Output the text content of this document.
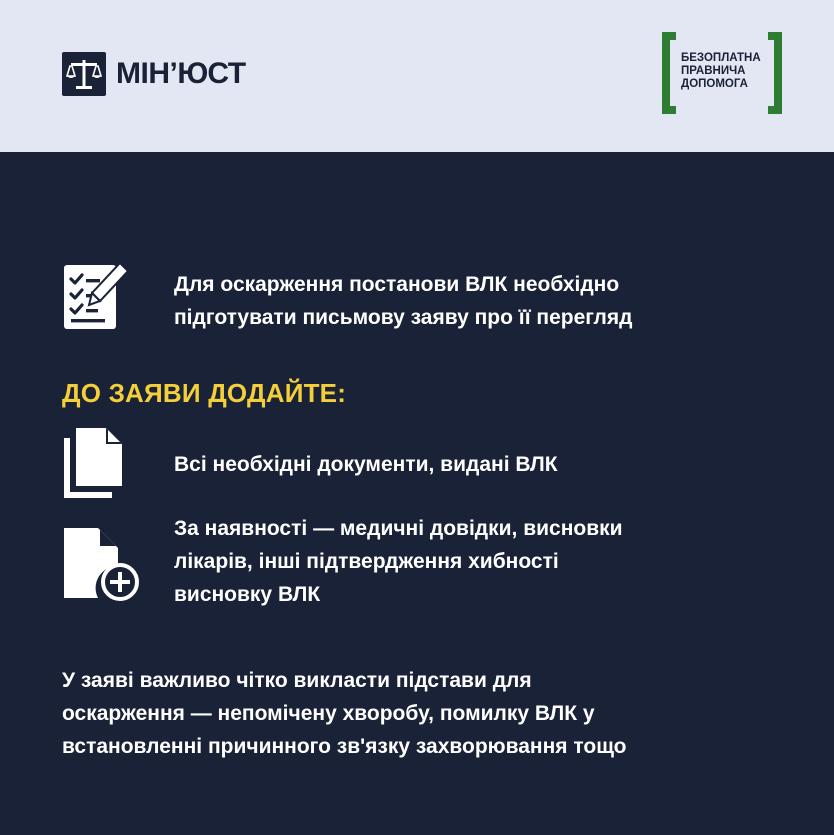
МІН’ЮСТ	БЕЗОПЛАТНА
ПРАВНИЧА
ДОПОМОГА
ДОКУМЕНТИ ДЛЯ
ДОСУДОВОГО ОСКАРЖЕННЯ
Для оскарження постанови ВЛК необхідно
підготувати письмову заяву про її перегляд
ДО ЗАЯВИ ДОДАЙТЕ:
Всі необхідні документи, видані ВЛК
За наявності — медичні довідки, висновки
лікарів, інші підтвердження хибності
висновку ВЛК
У заяві важливо чітко викласти підстави для
оскарження — непомічену хворобу, помилку ВЛК у
встановленні причинного зв'язку захворювання тощо
